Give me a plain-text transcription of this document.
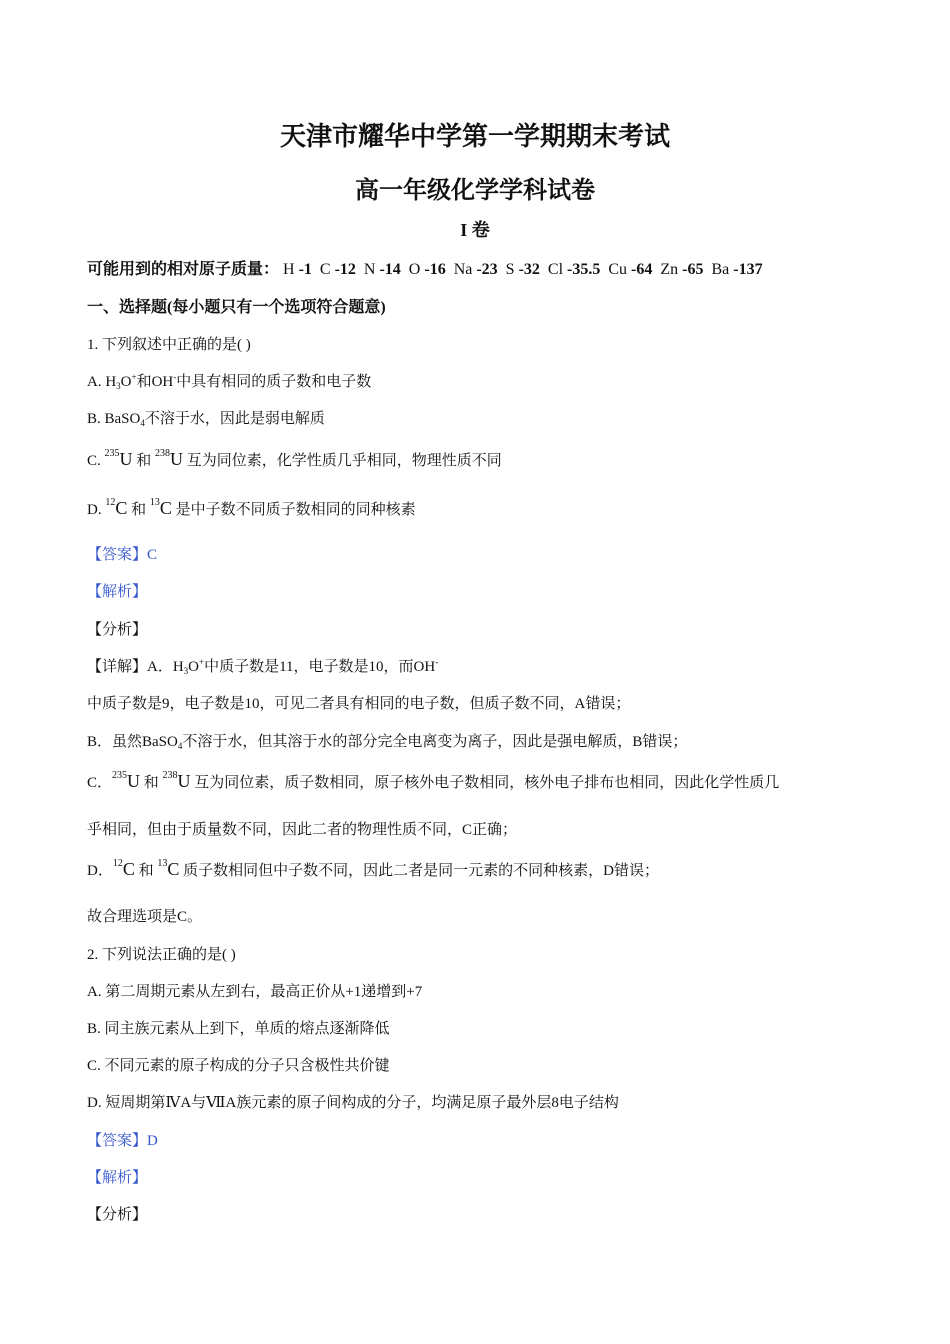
天津市耀华中学第一学期期末考试
高一年级化学学科试卷
I 卷
可能用到的相对原子质量： H -1 C -12 N -14 O -16 Na -23 S -32 Cl -35.5 Cu -64 Zn -65 Ba -137
一、选择题(每小题只有一个选项符合题意)
1. 下列叙述中正确的是( )
A. $H_3O^+$和OH-中具有相同的质子数和电子数
B. BaSO$_4$不溶于水，因此是弱电解质
C. $^{235}$U 和 $^{238}$U 互为同位素，化学性质几乎相同，物理性质不同
D. $^{12}$C 和 $^{13}$C 是中子数不同质子数相同的同种核素
【答案】C
【解析】
【分析】
【详解】A．$H_3O^+$中质子数是11，电子数是10，而OH-
中质子数是9，电子数是10，可见二者具有相同的电子数，但质子数不同，A错误；
B．虽然BaSO$_4$不溶于水，但其溶于水的部分完全电离变为离子，因此是强电解质，B错误；
C．$^{235}$U 和 $^{238}$U 互为同位素，质子数相同，原子核外电子数相同，核外电子排布也相同，因此化学性质几
乎相同，但由于质量数不同，因此二者的物理性质不同，C正确；
D．$^{12}$C 和 $^{13}$C 质子数相同但中子数不同，因此二者是同一元素的不同种核素，D错误；
故合理选项是C。
2. 下列说法正确的是( )
A. 第二周期元素从左到右，最高正价从+1递增到+7
B. 同主族元素从上到下，单质的熔点逐渐降低
C. 不同元素的原子构成的分子只含极性共价键
D. 短周期第ⅣA与ⅦA族元素的原子间构成的分子，均满足原子最外层8电子结构
【答案】D
【解析】
【分析】
